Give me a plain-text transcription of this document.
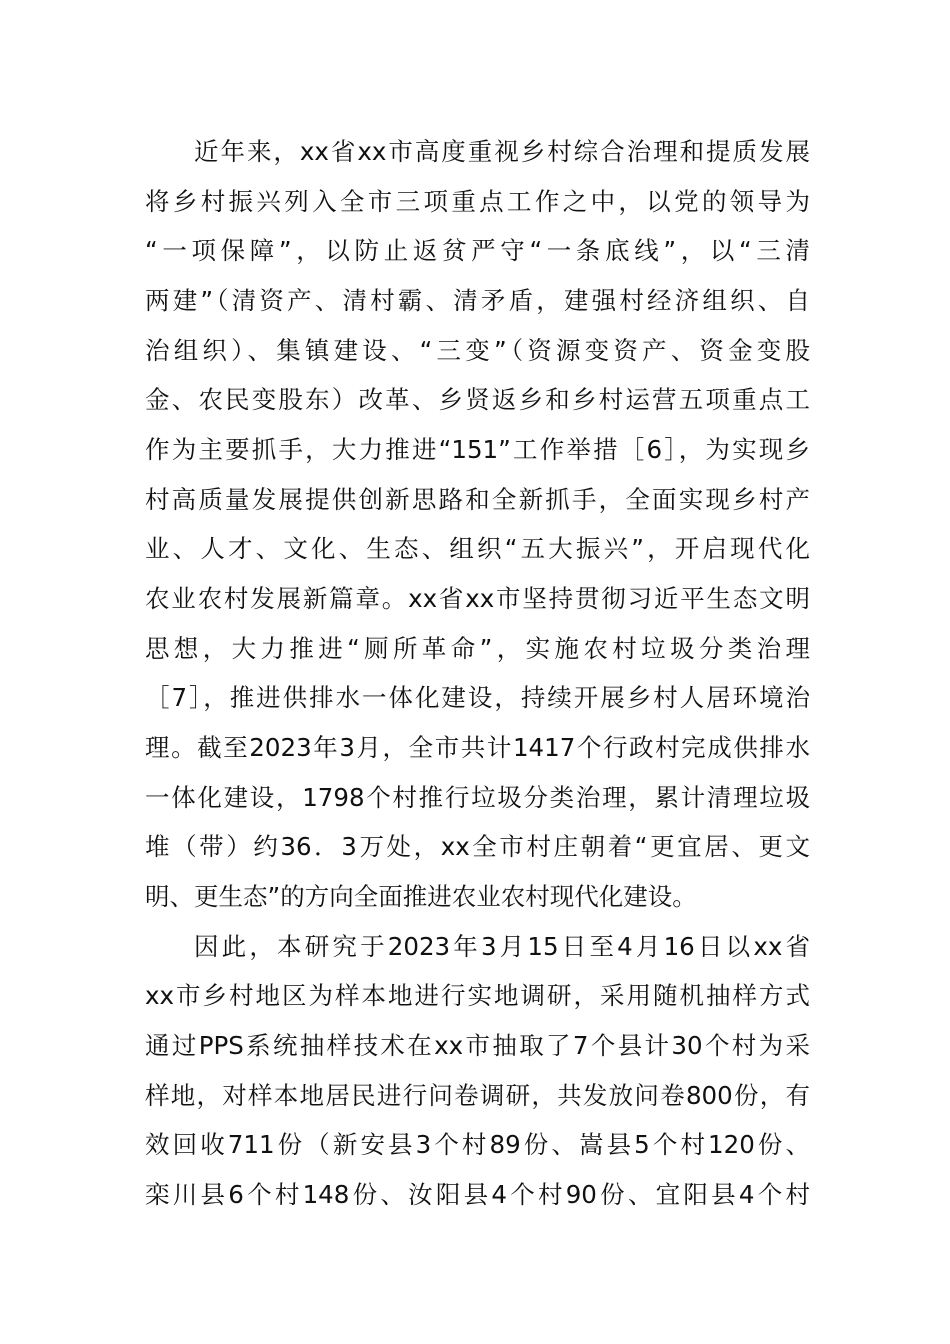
近年来，xx省xx市高度重视乡村综合治理和提质发展
将乡村振兴列入全市三项重点工作之中，以党的领导为
“一项保障”，以防止返贫严守“一条底线”，以“三清
两建”（清资产、清村霸、清矛盾，建强村经济组织、自
治组织）、集镇建设、“三变”（资源变资产、资金变股
金、农民变股东）改革、乡贤返乡和乡村运营五项重点工
作为主要抓手，大力推进“151”工作举措［6］，为实现乡
村高质量发展提供创新思路和全新抓手，全面实现乡村产
业、人才、文化、生态、组织“五大振兴”，开启现代化
农业农村发展新篇章。xx省xx市坚持贯彻习近平生态文明
思想，大力推进“厕所革命”，实施农村垃圾分类治理
［7］，推进供排水一体化建设，持续开展乡村人居环境治
理。截至2023年3月，全市共计1417个行政村完成供排水
一体化建设，1798个村推行垃圾分类治理，累计清理垃圾
堆（带）约36．3万处，xx全市村庄朝着“更宜居、更文
明、更生态”的方向全面推进农业农村现代化建设。
因此，本研究于2023年3月15日至4月16日以xx省
xx市乡村地区为样本地进行实地调研，采用随机抽样方式
通过PPS系统抽样技术在xx市抽取了7个县计30个村为采
样地，对样本地居民进行问卷调研，共发放问卷800份，有
效回收711份（新安县3个村89份、嵩县5个村120份、
栾川县6个村148份、汝阳县4个村90份、宜阳县4个村
